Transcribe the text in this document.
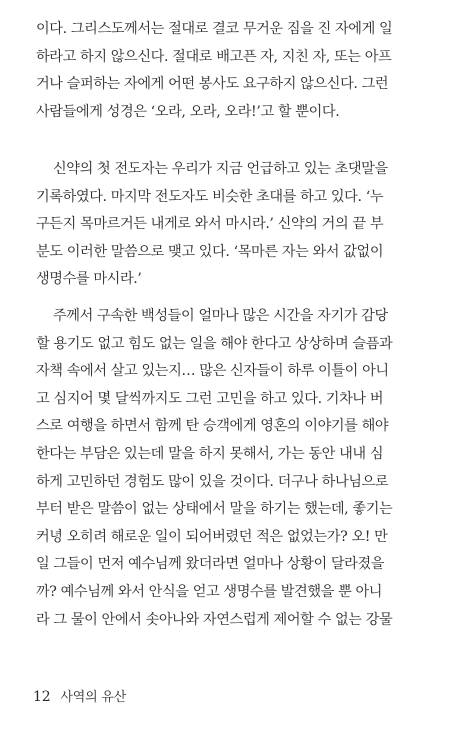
이다. 그리스도께서는 절대로 결코 무거운 짐을 진 자에게 일
하라고 하지 않으신다. 절대로 배고픈 자, 지친 자, 또는 아프
거나 슬퍼하는 자에게 어떤 봉사도 요구하지 않으신다. 그런
사람들에게 성경은 ‘오라, 오라, 오라!’고 할 뿐이다.
신약의 첫 전도자는 우리가 지금 언급하고 있는 초댓말을
기록하였다. 마지막 전도자도 비슷한 초대를 하고 있다. ‘누
구든지 목마르거든 내게로 와서 마시라.’ 신약의 거의 끝 부
분도 이러한 말씀으로 맺고 있다. ‘목마른 자는 와서 값없이
생명수를 마시라.’
주께서 구속한 백성들이 얼마나 많은 시간을 자기가 감당
할 용기도 없고 힘도 없는 일을 해야 한다고 상상하며 슬픔과
자책 속에서 살고 있는지… 많은 신자들이 하루 이틀이 아니
고 심지어 몇 달씩까지도 그런 고민을 하고 있다. 기차나 버
스로 여행을 하면서 함께 탄 승객에게 영혼의 이야기를 해야
한다는 부담은 있는데 말을 하지 못해서, 가는 동안 내내 심
하게 고민하던 경험도 많이 있을 것이다. 더구나 하나님으로
부터 받은 말씀이 없는 상태에서 말을 하기는 했는데, 좋기는
커녕 오히려 해로운 일이 되어버렸던 적은 없었는가? 오! 만
일 그들이 먼저 예수님께 왔더라면 얼마나 상황이 달라졌을
까? 예수님께 와서 안식을 얻고 생명수를 발견했을 뿐 아니
라 그 물이 안에서 솟아나와 자연스럽게 제어할 수 없는 강물
12 사역의 유산
